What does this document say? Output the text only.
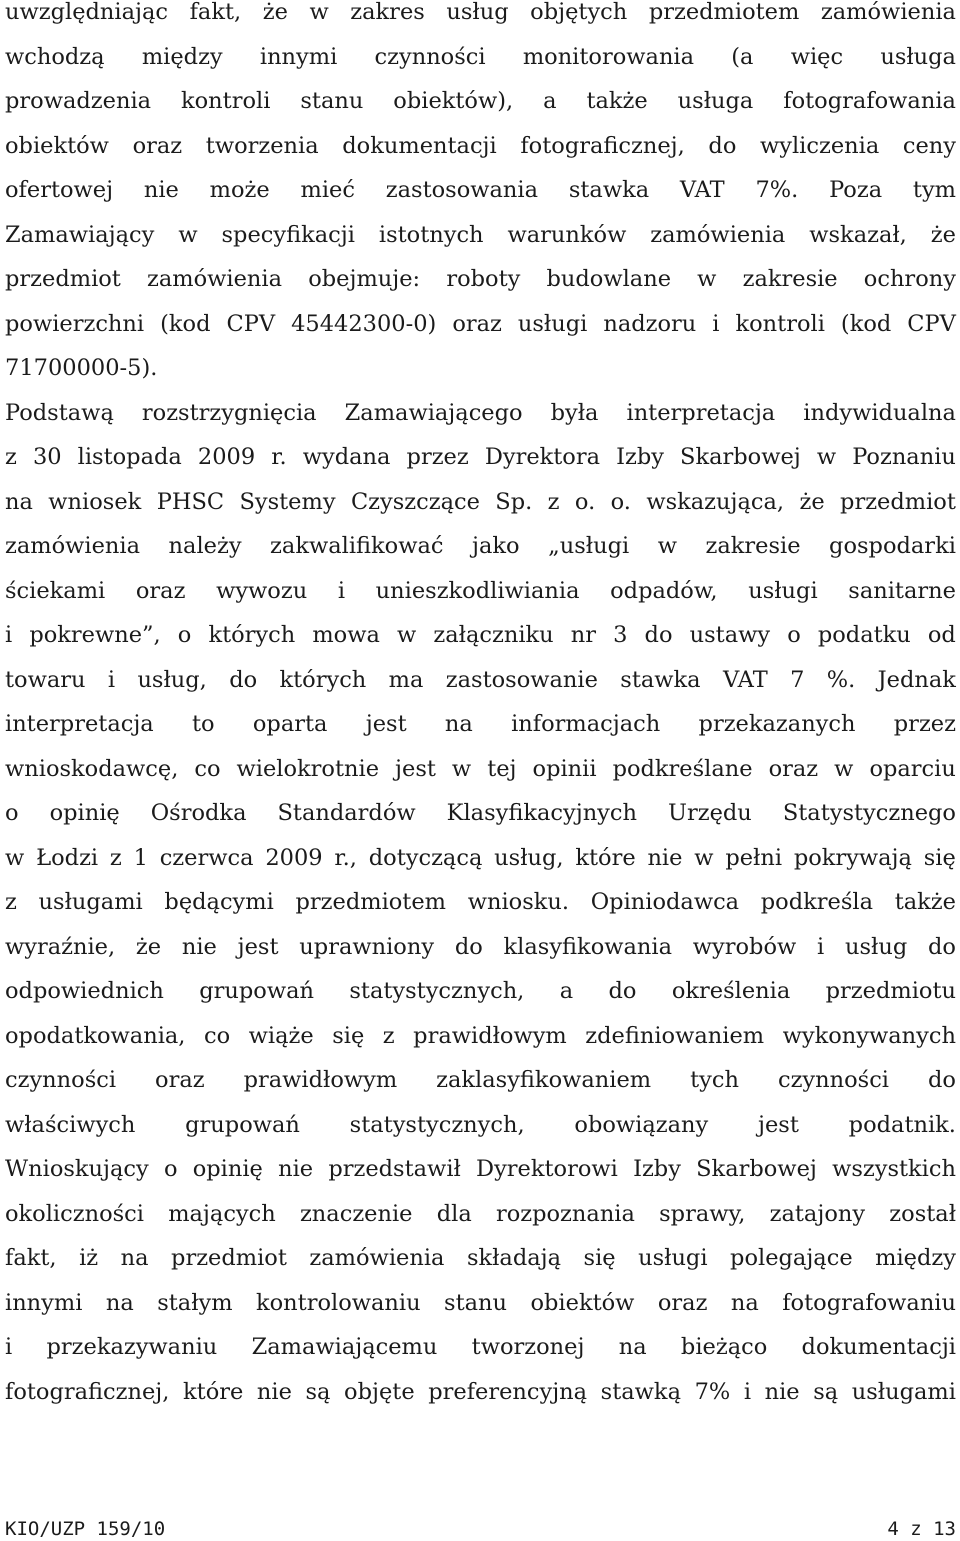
uwzględniając fakt, że w zakres usług objętych przedmiotem zamówienia
wchodzą między innymi czynności monitorowania (a więc usługa
prowadzenia kontroli stanu obiektów), a także usługa fotografowania
obiektów oraz tworzenia dokumentacji fotograficznej, do wyliczenia ceny
ofertowej nie może mieć zastosowania stawka VAT 7%. Poza tym
Zamawiający w specyfikacji istotnych warunków zamówienia wskazał, że
przedmiot zamówienia obejmuje: roboty budowlane w zakresie ochrony
powierzchni (kod CPV 45442300-0) oraz usługi nadzoru i kontroli (kod CPV
71700000-5).
Podstawą rozstrzygnięcia Zamawiającego była interpretacja indywidualna
z 30 listopada 2009 r. wydana przez Dyrektora Izby Skarbowej w Poznaniu
na wniosek PHSC Systemy Czyszczące Sp. z o. o. wskazująca, że przedmiot
zamówienia należy zakwalifikować jako „usługi w zakresie gospodarki
ściekami oraz wywozu i unieszkodliwiania odpadów, usługi sanitarne
i pokrewne”, o których mowa w załączniku nr 3 do ustawy o podatku od
towaru i usług, do których ma zastosowanie stawka VAT 7 %. Jednak
interpretacja to oparta jest na informacjach przekazanych przez
wnioskodawcę, co wielokrotnie jest w tej opinii podkreślane oraz w oparciu
o opinię Ośrodka Standardów Klasyfikacyjnych Urzędu Statystycznego
w Łodzi z 1 czerwca 2009 r., dotyczącą usług, które nie w pełni pokrywają się
z usługami będącymi przedmiotem wniosku. Opiniodawca podkreśla także
wyraźnie, że nie jest uprawniony do klasyfikowania wyrobów i usług do
odpowiednich grupowań statystycznych, a do określenia przedmiotu
opodatkowania, co wiąże się z prawidłowym zdefiniowaniem wykonywanych
czynności oraz prawidłowym zaklasyfikowaniem tych czynności do
właściwych grupowań statystycznych, obowiązany jest podatnik.
Wnioskujący o opinię nie przedstawił Dyrektorowi Izby Skarbowej wszystkich
okoliczności mających znaczenie dla rozpoznania sprawy, zatajony został
fakt, iż na przedmiot zamówienia składają się usługi polegające między
innymi na stałym kontrolowaniu stanu obiektów oraz na fotografowaniu
i przekazywaniu Zamawiającemu tworzonej na bieżąco dokumentacji
fotograficznej, które nie są objęte preferencyjną stawką 7% i nie są usługami
KIO/UZP 159/10	4 z 13
